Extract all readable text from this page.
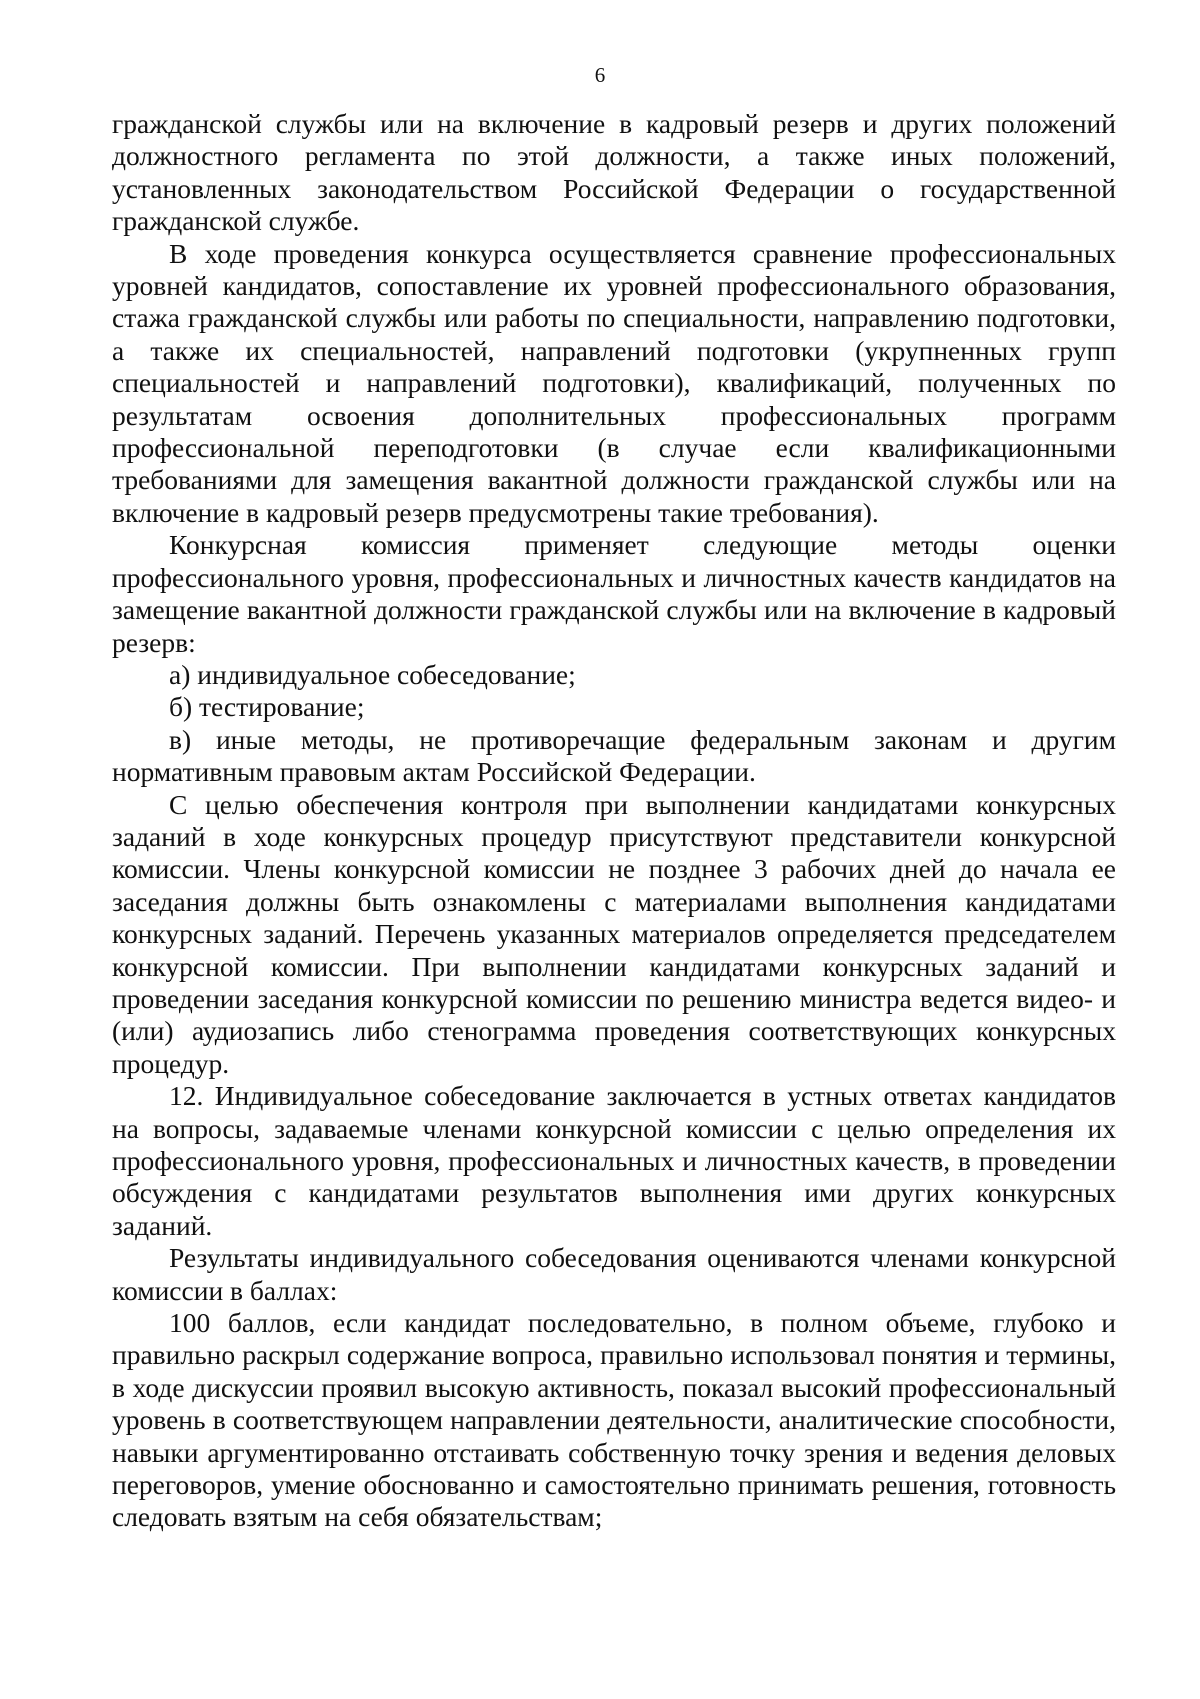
6

гражданской службы или на включение в кадровый резерв и других положений должностного регламента по этой должности, а также иных положений, установленных законодательством Российской Федерации о государственной гражданской службе.

В ходе проведения конкурса осуществляется сравнение профессиональных уровней кандидатов, сопоставление их уровней профессионального образования, стажа гражданской службы или работы по специальности, направлению подготовки, а также их специальностей, направлений подготовки (укрупненных групп специальностей и направлений подготовки), квалификаций, полученных по результатам освоения дополнительных профессиональных программ профессиональной переподготовки (в случае если квалификационными требованиями для замещения вакантной должности гражданской службы или на включение в кадровый резерв предусмотрены такие требования).

Конкурсная комиссия применяет следующие методы оценки профессионального уровня, профессиональных и личностных качеств кандидатов на замещение вакантной должности гражданской службы или на включение в кадровый резерв:

а) индивидуальное собеседование;

б) тестирование;

в) иные методы, не противоречащие федеральным законам и другим нормативным правовым актам Российской Федерации.

С целью обеспечения контроля при выполнении кандидатами конкурсных заданий в ходе конкурсных процедур присутствуют представители конкурсной комиссии. Члены конкурсной комиссии не позднее 3 рабочих дней до начала ее заседания должны быть ознакомлены с материалами выполнения кандидатами конкурсных заданий. Перечень указанных материалов определяется председателем конкурсной комиссии. При выполнении кандидатами конкурсных заданий и проведении заседания конкурсной комиссии по решению министра ведется видео- и (или) аудиозапись либо стенограмма проведения соответствующих конкурсных процедур.

12. Индивидуальное собеседование заключается в устных ответах кандидатов на вопросы, задаваемые членами конкурсной комиссии с целью определения их профессионального уровня, профессиональных и личностных качеств, в проведении обсуждения с кандидатами результатов выполнения ими других конкурсных заданий.

Результаты индивидуального собеседования оцениваются членами конкурсной комиссии в баллах:

100 баллов, если кандидат последовательно, в полном объеме, глубоко и правильно раскрыл содержание вопроса, правильно использовал понятия и термины, в ходе дискуссии проявил высокую активность, показал высокий профессиональный уровень в соответствующем направлении деятельности, аналитические способности, навыки аргументированно отстаивать собственную точку зрения и ведения деловых переговоров, умение обоснованно и самостоятельно принимать решения, готовность следовать взятым на себя обязательствам;
